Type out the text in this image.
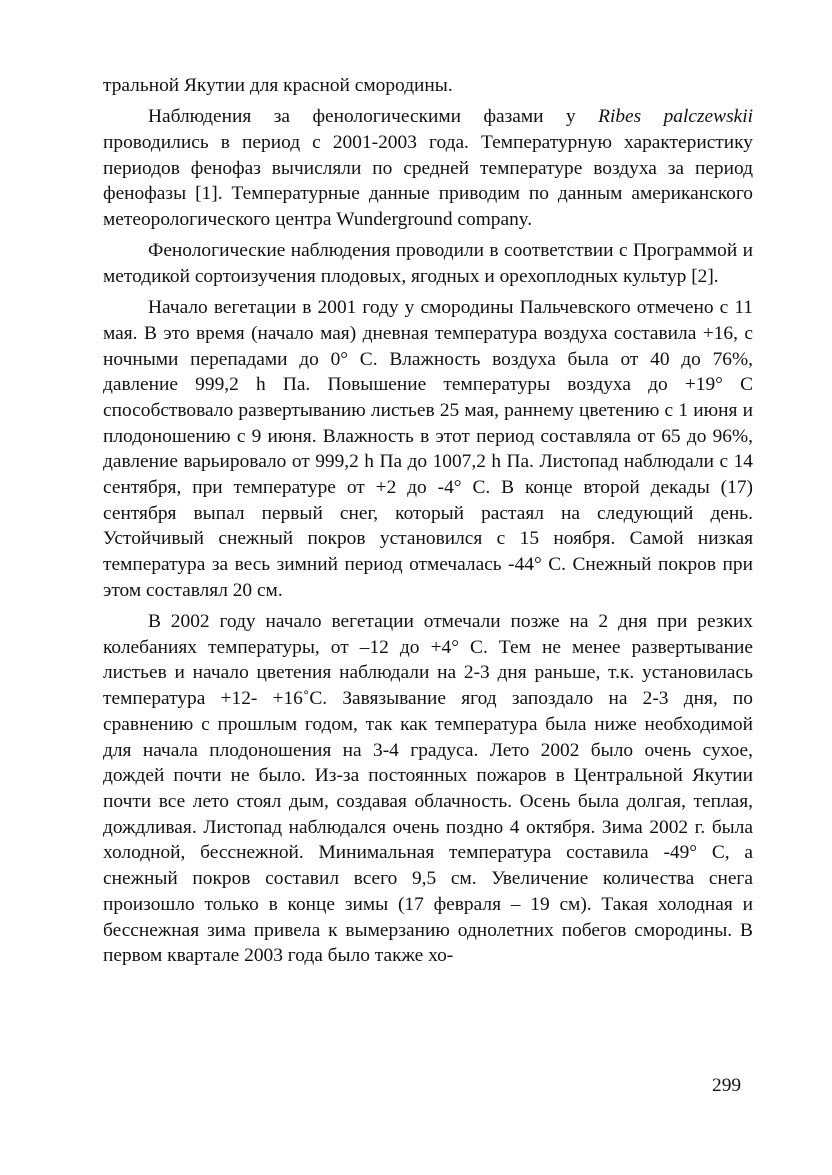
тральной Якутии для красной смородины.

Наблюдения за фенологическими фазами у Ribes palczewskii проводились в период с 2001-2003 года. Температурную характеристику периодов фенофаз вычисляли по средней температуре воздуха за период фенофазы [1]. Температурные данные приводим по данным американского метеорологического центра Wunderground company.

Фенологические наблюдения проводили в соответствии с Программой и методикой сортоизучения плодовых, ягодных и орехоплодных культур [2].

Начало вегетации в 2001 году у смородины Пальчевского отмечено с 11 мая. В это время (начало мая) дневная температура воздуха составила +16, с ночными перепадами до 0° С. Влажность воздуха была от 40 до 76%, давление 999,2 h Па. Повышение температуры воздуха до +19° С способствовало развертыванию листьев 25 мая, раннему цветению с 1 июня и плодоношению с 9 июня. Влажность в этот период составляла от 65 до 96%, давление варьировало от 999,2 h Па до 1007,2 h Па. Листопад наблюдали с 14 сентября, при температуре от +2 до -4° С. В конце второй декады (17) сентября выпал первый снег, который растаял на следующий день. Устойчивый снежный покров установился с 15 ноября. Самой низкая температура за весь зимний период отмечалась -44° С. Снежный покров при этом составлял 20 см.

В 2002 году начало вегетации отмечали позже на 2 дня при резких колебаниях температуры, от –12 до +4° С. Тем не менее развертывание листьев и начало цветения наблюдали на 2-3 дня раньше, т.к. установилась температура +12- +16˚С. Завязывание ягод запоздало на 2-3 дня, по сравнению с прошлым годом, так как температура была ниже необходимой для начала плодоношения на 3-4 градуса. Лето 2002 было очень сухое, дождей почти не было. Из-за постоянных пожаров в Центральной Якутии почти все лето стоял дым, создавая облачность. Осень была долгая, теплая, дождливая. Листопад наблюдался очень поздно 4 октября. Зима 2002 г. была холодной, бесснежной. Минимальная температура составила -49° С, а снежный покров составил всего 9,5 см. Увеличение количества снега произошло только в конце зимы (17 февраля – 19 см). Такая холодная и бесснежная зима привела к вымерзанию однолетних побегов смородины. В первом квартале 2003 года было также хо-

299
